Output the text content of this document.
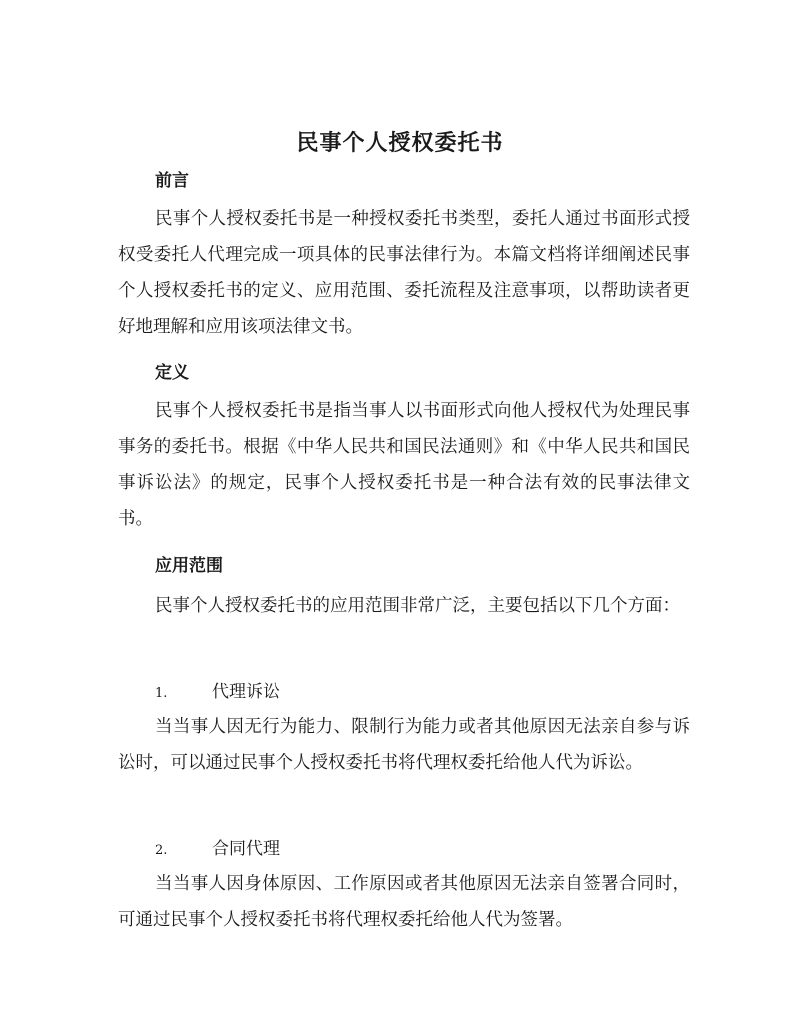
民事个人授权委托书
前言

民事个人授权委托书是一种授权委托书类型，委托人通过书面形式授权受委托人代理完成一项具体的民事法律行为。本篇文档将详细阐述民事个人授权委托书的定义、应用范围、委托流程及注意事项，以帮助读者更好地理解和应用该项法律文书。

定义

民事个人授权委托书是指当事人以书面形式向他人授权代为处理民事事务的委托书。根据《中华人民共和国民法通则》和《中华人民共和国民事诉讼法》的规定，民事个人授权委托书是一种合法有效的民事法律文书。

应用范围

民事个人授权委托书的应用范围非常广泛，主要包括以下几个方面：

1.	代理诉讼

当当事人因无行为能力、限制行为能力或者其他原因无法亲自参与诉讼时，可以通过民事个人授权委托书将代理权委托给他人代为诉讼。

2.	合同代理

当当事人因身体原因、工作原因或者其他原因无法亲自签署合同时，可通过民事个人授权委托书将代理权委托给他人代为签署。
